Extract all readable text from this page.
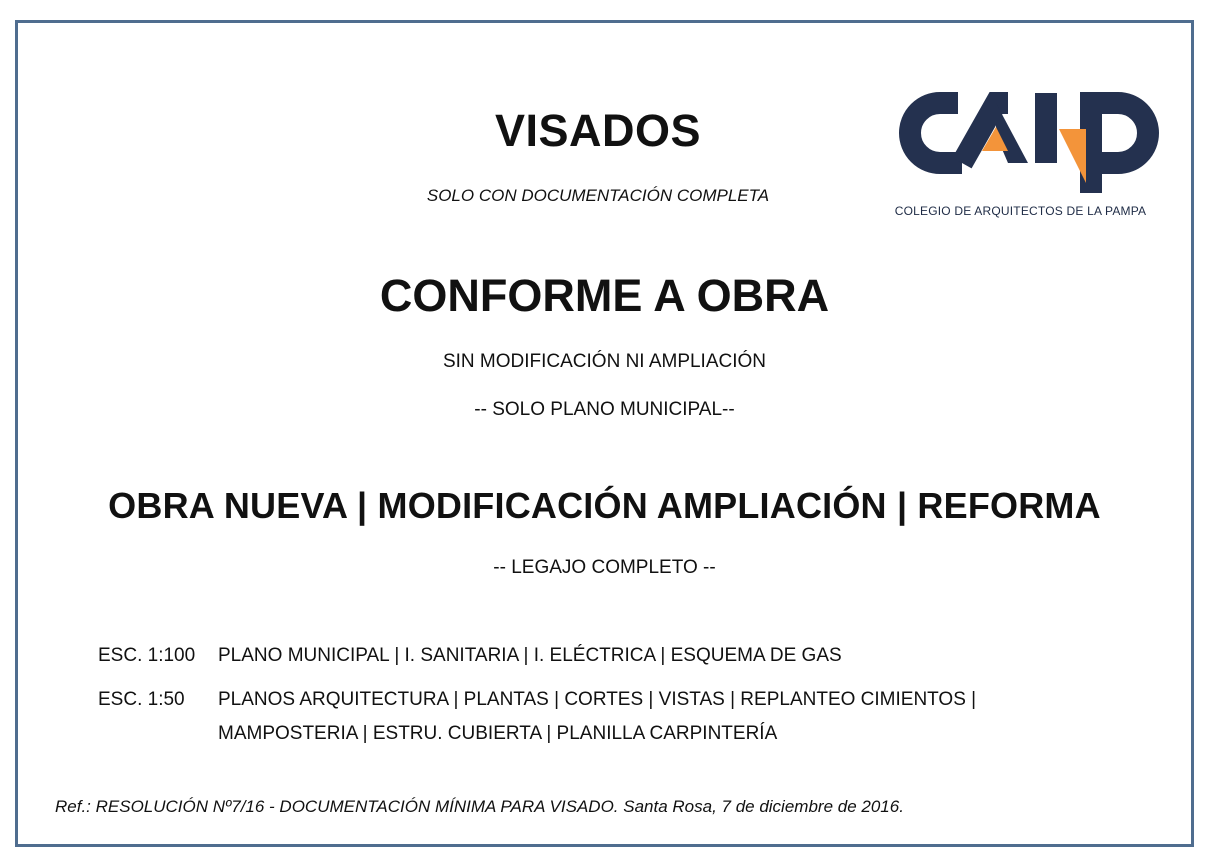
VISADOS
SOLO CON DOCUMENTACIÓN COMPLETA
COLEGIO DE ARQUITECTOS DE LA PAMPA
CONFORME A OBRA
SIN MODIFICACIÓN NI AMPLIACIÓN
-- SOLO PLANO MUNICIPAL--
OBRA NUEVA | MODIFICACIÓN AMPLIACIÓN | REFORMA
-- LEGAJO COMPLETO --
ESC. 1:100	PLANO MUNICIPAL | I. SANITARIA | I. ELÉCTRICA | ESQUEMA DE GAS
ESC. 1:50	PLANOS ARQUITECTURA | PLANTAS | CORTES | VISTAS | REPLANTEO CIMIENTOS | MAMPOSTERIA | ESTRU. CUBIERTA | PLANILLA CARPINTERÍA
Ref.: RESOLUCIÓN Nº7/16 - DOCUMENTACIÓN MÍNIMA PARA VISADO. Santa Rosa, 7 de diciembre de 2016.
